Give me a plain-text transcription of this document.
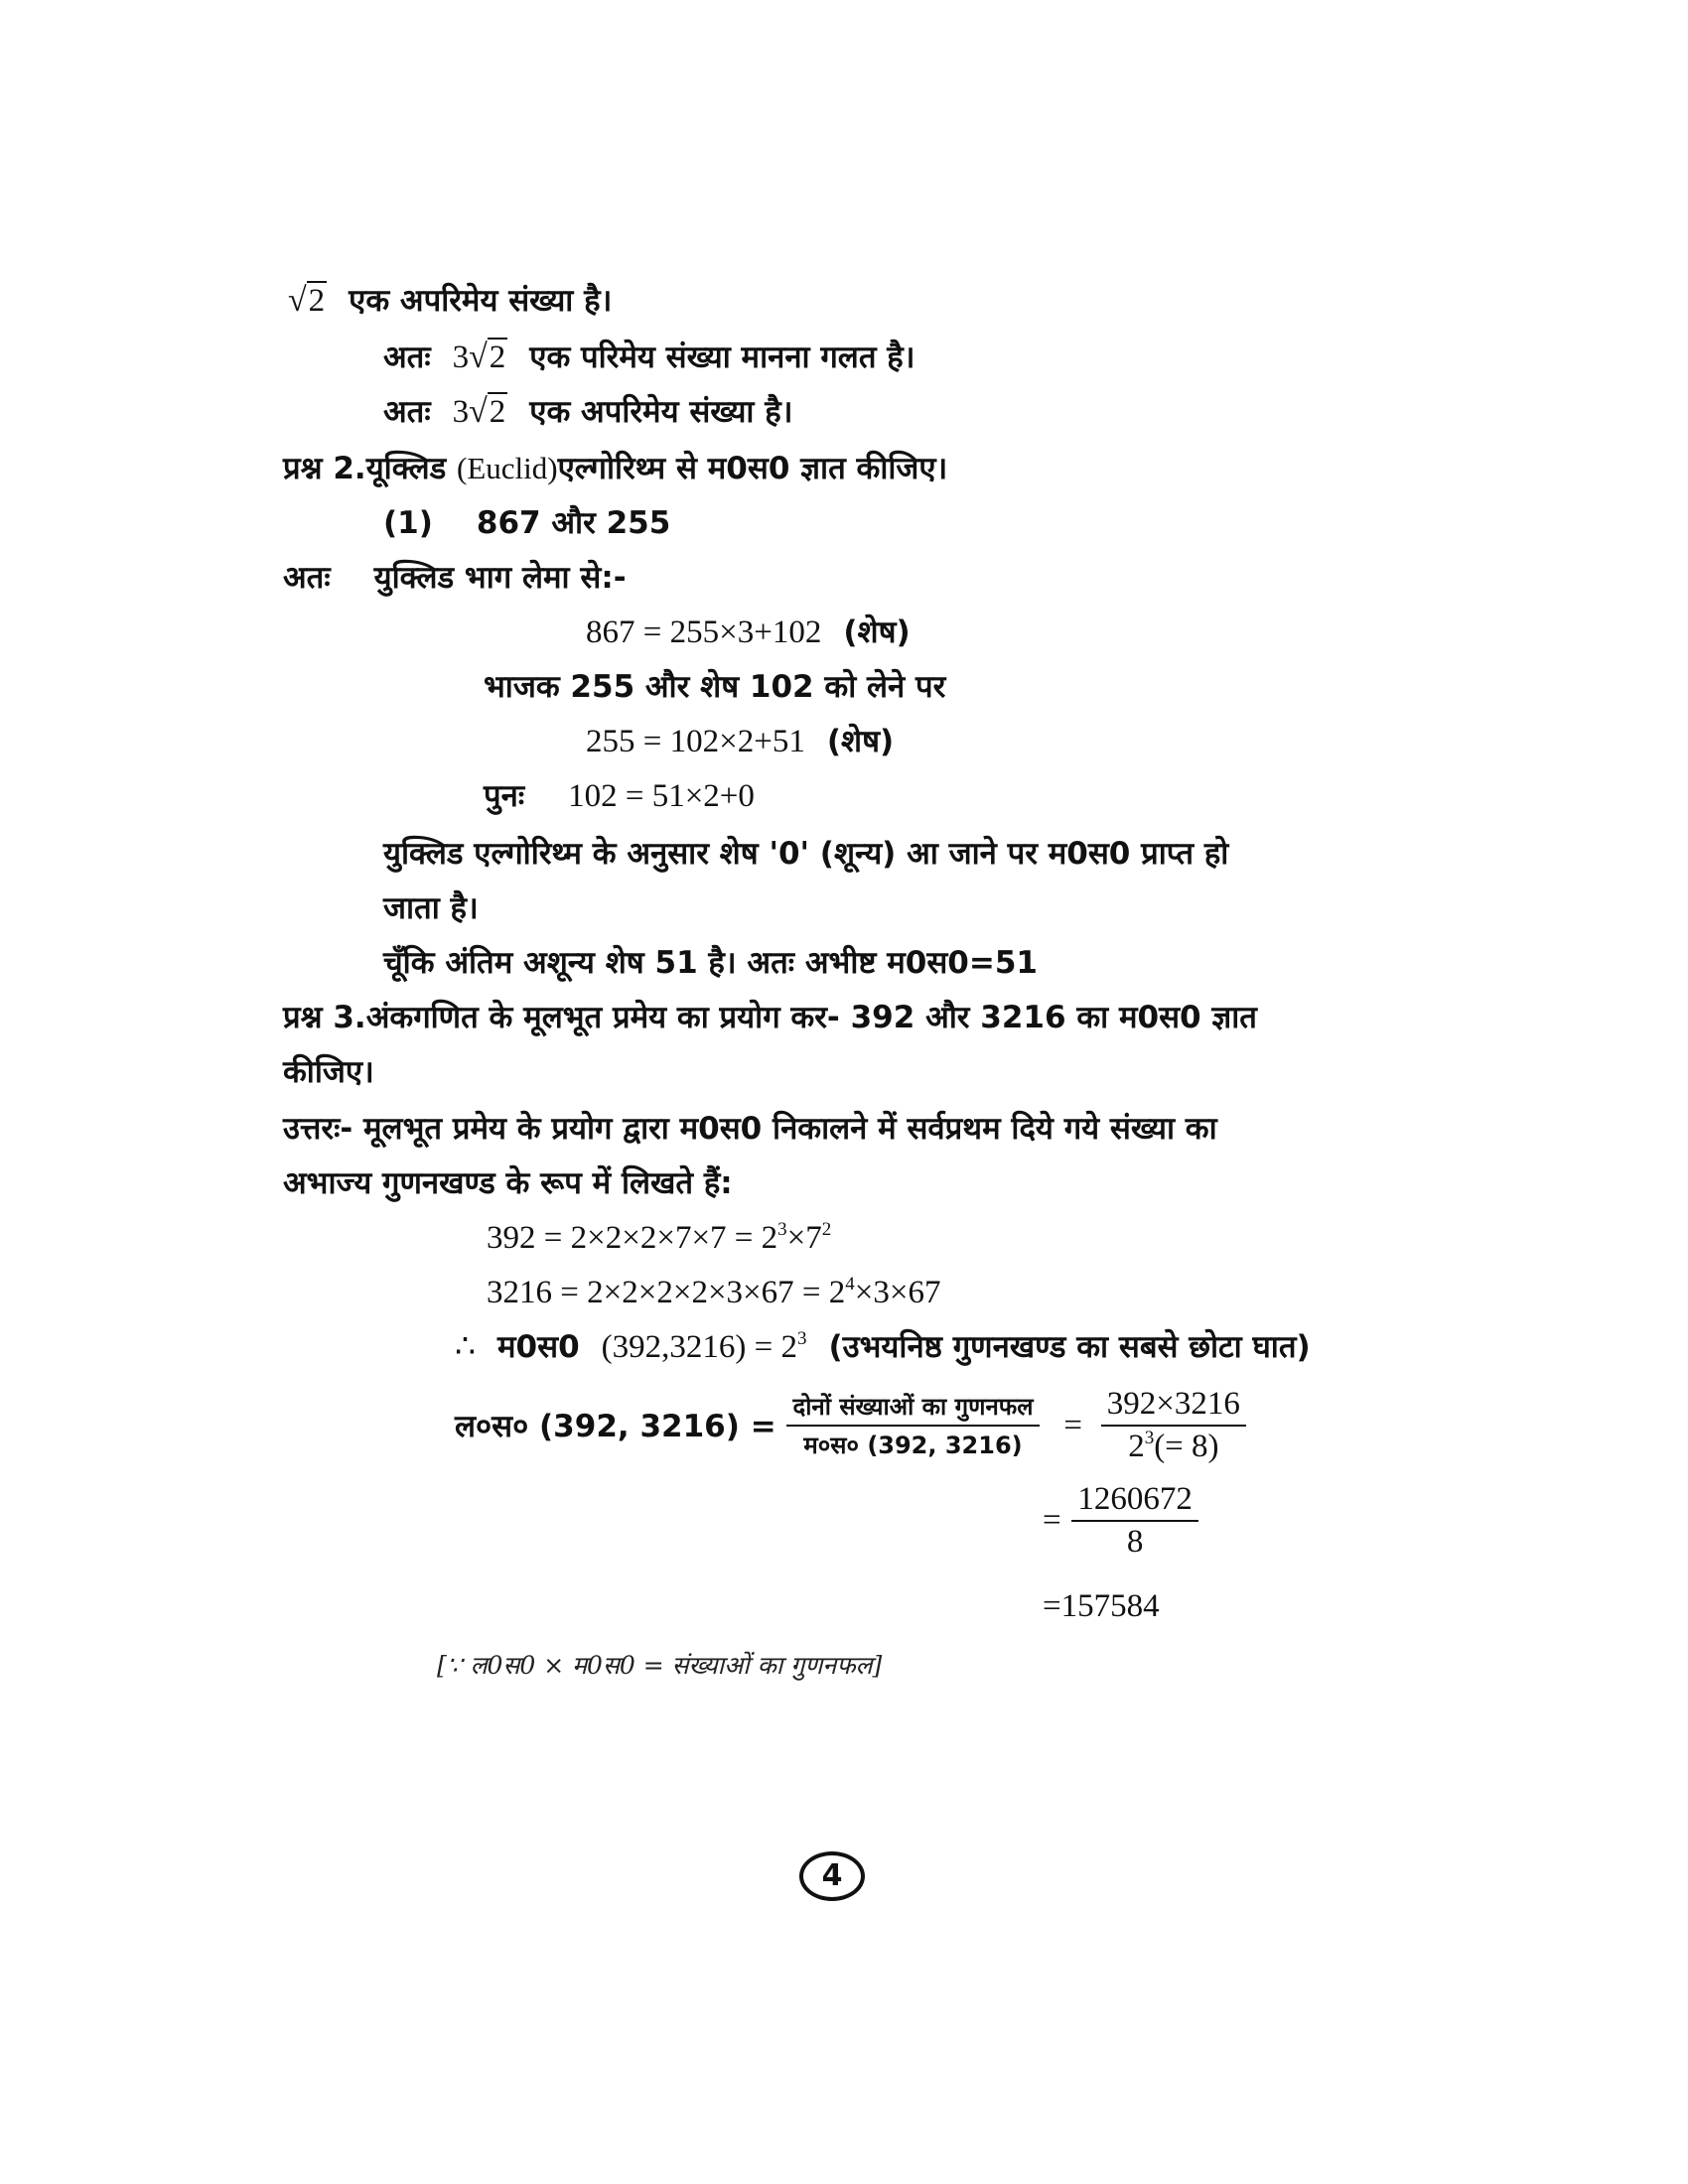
√2 एक अपरिमेय संख्या है।
अतः 3√2 एक परिमेय संख्या मानना गलत है।
अतः 3√2 एक अपरिमेय संख्या है।
प्रश्न 2.यूक्लिड (Euclid)एल्गोरिथ्म से म0स0 ज्ञात कीजिए।
(1) 867 और 255
अतः युक्लिड भाग लेमा से:-
867 = 255×3+102 (शेष)
भाजक 255 और शेष 102 को लेने पर
255 = 102×2+51 (शेष)
पुनः 102 = 51×2+0
युक्लिड एल्गोरिथ्म के अनुसार शेष '0' (शून्य) आ जाने पर म0स0 प्राप्त हो
जाता है।
चूँकि अंतिम अशून्य शेष 51 है। अतः अभीष्ट म0स0=51
प्रश्न 3.अंकगणित के मूलभूत प्रमेय का प्रयोग कर- 392 और 3216 का म0स0 ज्ञात
कीजिए।
उत्तरः- मूलभूत प्रमेय के प्रयोग द्वारा म0स0 निकालने में सर्वप्रथम दिये गये संख्या का
अभाज्य गुणनखण्ड के रूप में लिखते हैं:
$392 = 2\times 2\times 2\times 7\times 7 = 2^3\times 7^2$
$3216 = 2\times 2\times 2\times 2\times 3\times 67 = 2^4\times 3\times 67$
∴ म0स0 $(392,3216) = 2^3$ (उभयनिष्ठ गुणनखण्ड का सबसे छोटा घात)
ल०स० (392, $3216) = \frac{\text{दोनों संख्याओं का गुणनफल}}{\text{म०स० (392, 3216)}} = \frac{392\times 3216}{2^3(= 8)}$
= $\frac{1260672}{8}$
=157584
[∵ ल0स0 × म0स0 = संख्याओं का गुणनफल]
4
